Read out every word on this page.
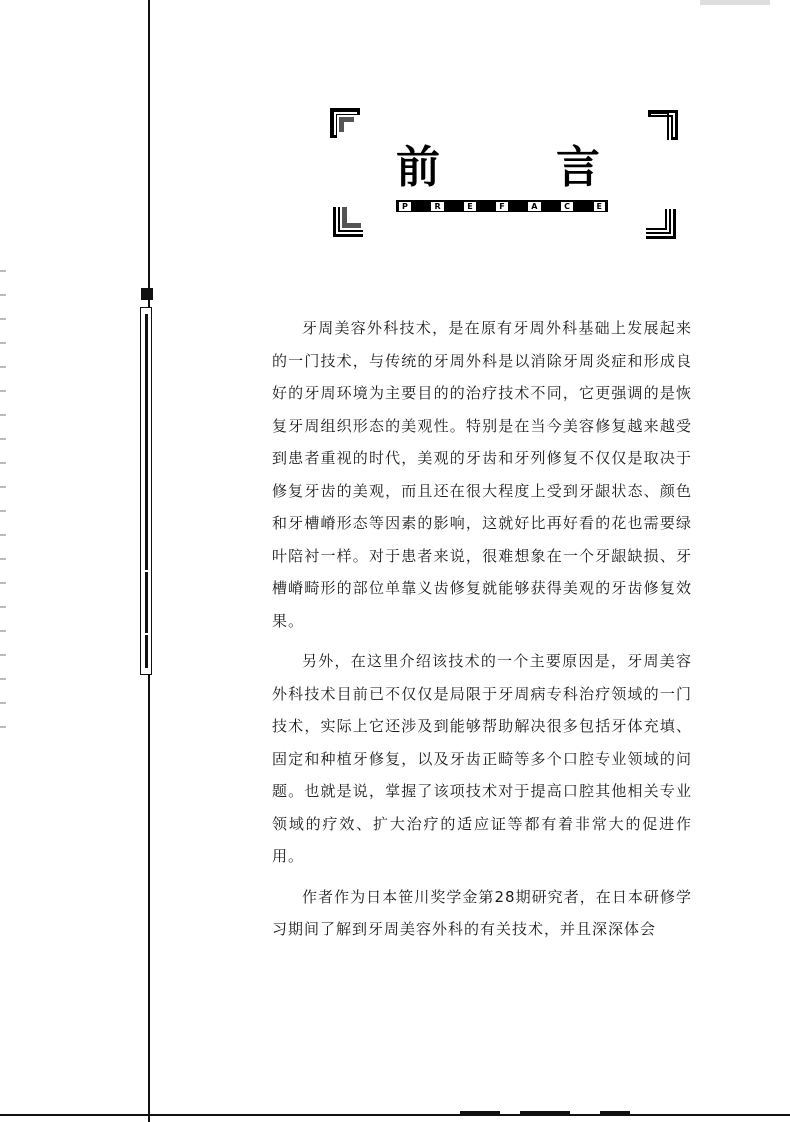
前	言
P	R	E	F	A	C	E

牙周美容外科技术，是在原有牙周外科基础上发展起来的一门技术，与传统的牙周外科是以消除牙周炎症和形成良好的牙周环境为主要目的的治疗技术不同，它更强调的是恢复牙周组织形态的美观性。特别是在当今美容修复越来越受到患者重视的时代，美观的牙齿和牙列修复不仅仅是取决于修复牙齿的美观，而且还在很大程度上受到牙龈状态、颜色和牙槽嵴形态等因素的影响，这就好比再好看的花也需要绿叶陪衬一样。对于患者来说，很难想象在一个牙龈缺损、牙槽嵴畸形的部位单靠义齿修复就能够获得美观的牙齿修复效果。

另外，在这里介绍该技术的一个主要原因是，牙周美容外科技术目前已不仅仅是局限于牙周病专科治疗领域的一门技术，实际上它还涉及到能够帮助解决很多包括牙体充填、固定和种植牙修复，以及牙齿正畸等多个口腔专业领域的问题。也就是说，掌握了该项技术对于提高口腔其他相关专业领域的疗效、扩大治疗的适应证等都有着非常大的促进作用。

作者作为日本笹川奖学金第28期研究者，在日本研修学习期间了解到牙周美容外科的有关技术，并且深深体会
